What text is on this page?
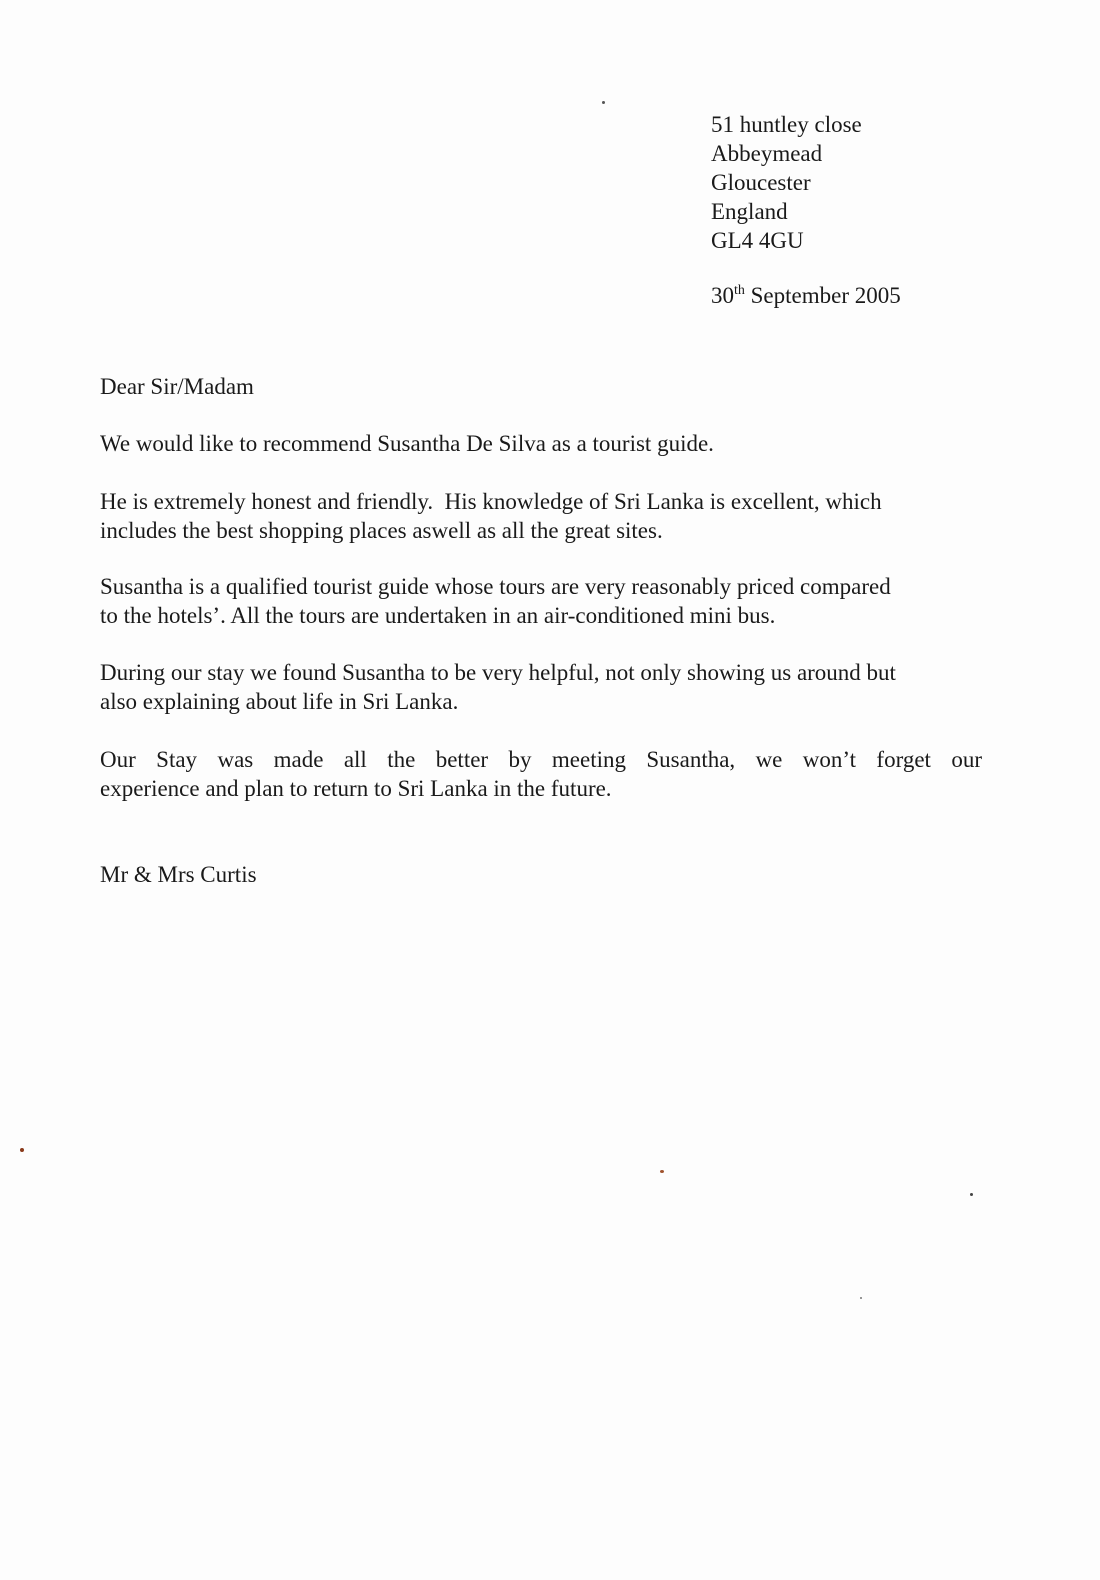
51 huntley close
Abbeymead
Gloucester
England
GL4 4GU
30th September 2005
Dear Sir/Madam
We would like to recommend Susantha De Silva as a tourist guide.
He is extremely honest and friendly.  His knowledge of Sri Lanka is excellent, which
includes the best shopping places aswell as all the great sites.
Susantha is a qualified tourist guide whose tours are very reasonably priced compared
to the hotels’. All the tours are undertaken in an air-conditioned mini bus.
During our stay we found Susantha to be very helpful, not only showing us around but
also explaining about life in Sri Lanka.
Our Stay was made all the better by meeting Susantha, we won’t forget our
experience and plan to return to Sri Lanka in the future.
Mr & Mrs Curtis
